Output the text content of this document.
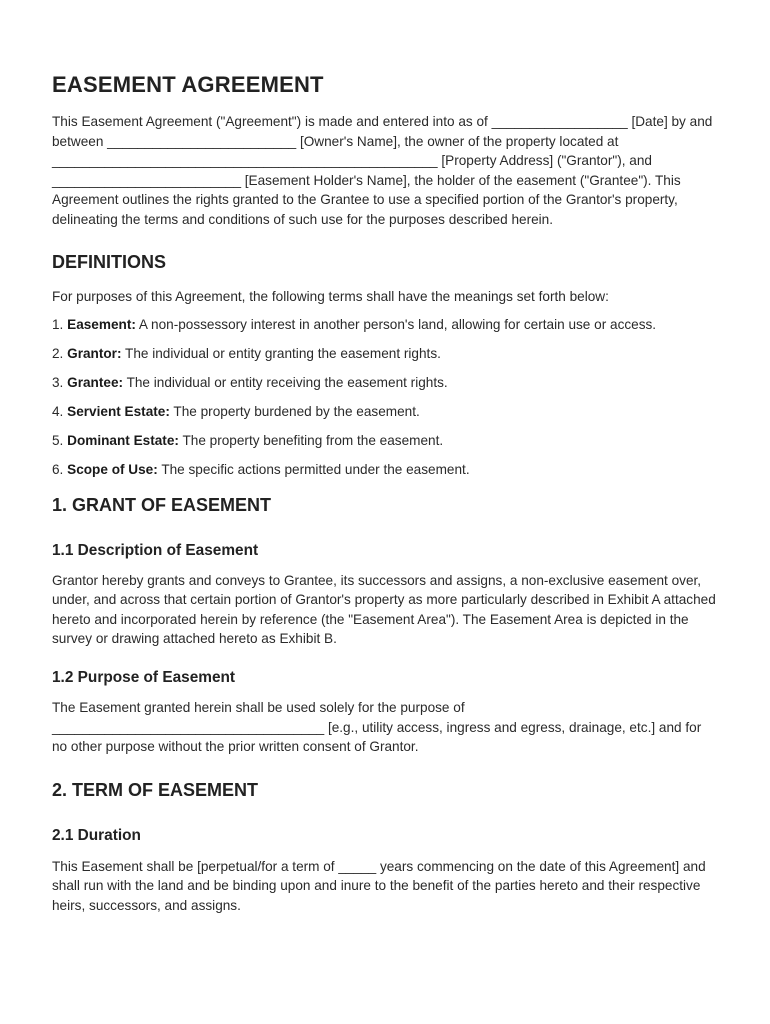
EASEMENT AGREEMENT

This Easement Agreement ("Agreement") is made and entered into as of __________________ [Date] by and between _________________________ [Owner's Name], the owner of the property located at ___________________________________________________ [Property Address] ("Grantor"), and _________________________ [Easement Holder's Name], the holder of the easement ("Grantee"). This Agreement outlines the rights granted to the Grantee to use a specified portion of the Grantor's property, delineating the terms and conditions of such use for the purposes described herein.

DEFINITIONS

For purposes of this Agreement, the following terms shall have the meanings set forth below:

1. Easement: A non-possessory interest in another person's land, allowing for certain use or access.

2. Grantor: The individual or entity granting the easement rights.

3. Grantee: The individual or entity receiving the easement rights.

4. Servient Estate: The property burdened by the easement.

5. Dominant Estate: The property benefiting from the easement.

6. Scope of Use: The specific actions permitted under the easement.

1. GRANT OF EASEMENT
1.1 Description of Easement

Grantor hereby grants and conveys to Grantee, its successors and assigns, a non-exclusive easement over, under, and across that certain portion of Grantor's property as more particularly described in Exhibit A attached hereto and incorporated herein by reference (the "Easement Area"). The Easement Area is depicted in the survey or drawing attached hereto as Exhibit B.

1.2 Purpose of Easement

The Easement granted herein shall be used solely for the purpose of ____________________________________ [e.g., utility access, ingress and egress, drainage, etc.] and for no other purpose without the prior written consent of Grantor.

2. TERM OF EASEMENT
2.1 Duration

This Easement shall be [perpetual/for a term of _____ years commencing on the date of this Agreement] and shall run with the land and be binding upon and inure to the benefit of the parties hereto and their respective heirs, successors, and assigns.
